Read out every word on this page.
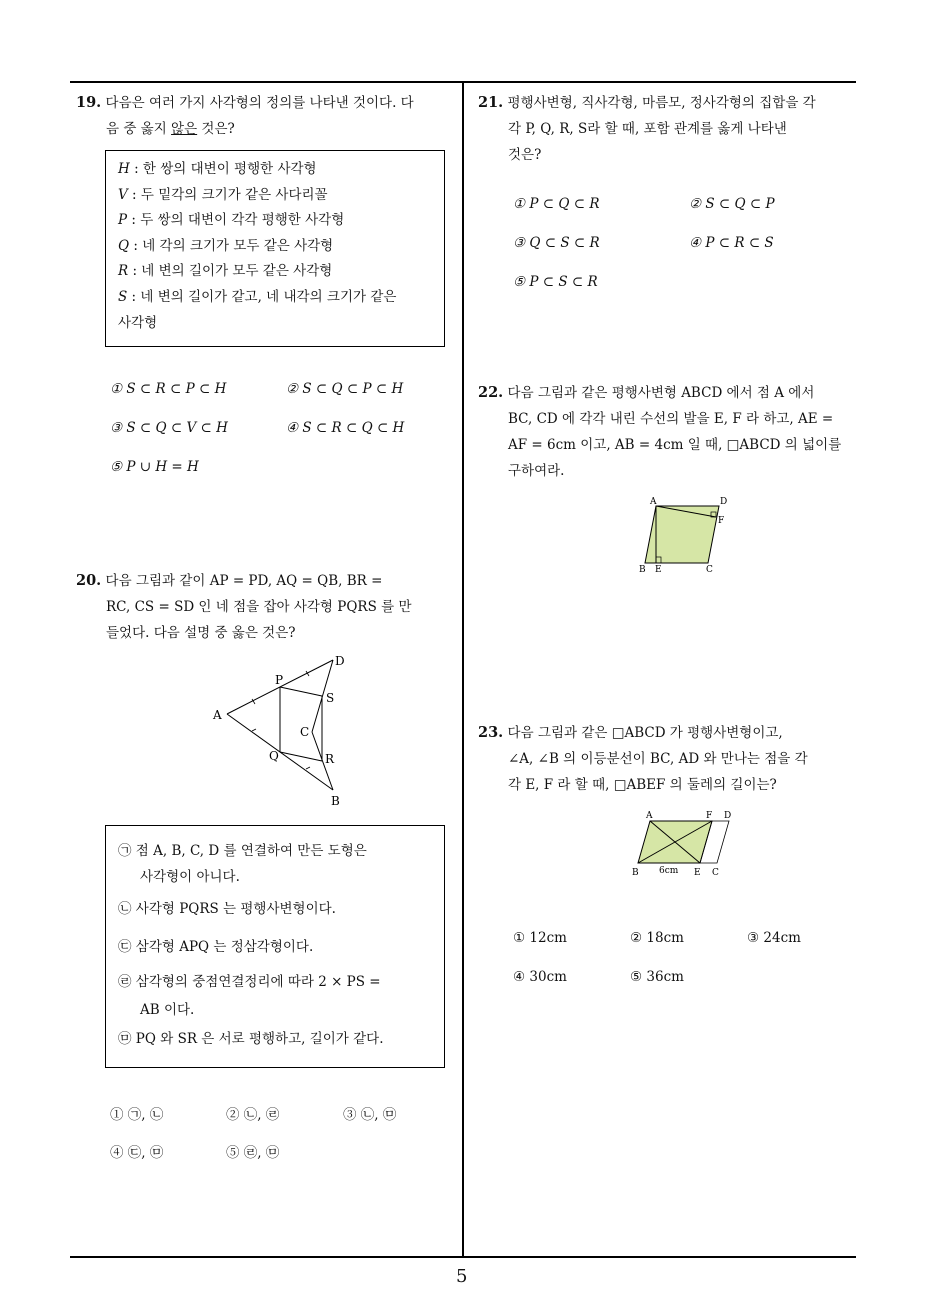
5
19. 다음은 여러 가지 사각형의 정의를 나타낸 것이다. 다
음 중 옳지 않은 것은?

H : 한 쌍의 대변이 평행한 사각형

V : 두 밑각의 크기가 같은 사다리꼴

P : 두 쌍의 대변이 각각 평행한 사각형

Q : 네 각의 크기가 모두 같은 사각형

R : 네 변의 길이가 모두 같은 사각형

S : 네 변의 길이가 같고, 네 내각의 크기가 같은

사각형

① S ⊂ R ⊂ P ⊂ H	② S ⊂ Q ⊂ P ⊂ H
③ S ⊂ Q ⊂ V ⊂ H	④ S ⊂ R ⊂ Q ⊂ H
⑤ P ∪ H = H
20. 다음 그림과 같이 AP = PD, AQ = QB, BR =
RC, CS = SD 인 네 점을 잡아 사각형 PQRS 를 만
들었다. 다음 설명 중 옳은 것은?
A
B
C
D
P
Q	R
S

㉠ 점 A, B, C, D 를 연결하여 만든 도형은

사각형이 아니다.

㉡ 사각형 PQRS 는 평행사변형이다.

㉢ 삼각형 APQ 는 정삼각형이다.

㉣ 삼각형의 중점연결정리에 따라 2 × PS =

AB 이다.

㉤ PQ 와 SR 은 서로 평행하고, 길이가 같다.

① ㉠, ㉡	② ㉡, ㉣	③ ㉡, ㉤
④ ㉢, ㉤	⑤ ㉣, ㉤
21. 평행사변형, 직사각형, 마름모, 정사각형의 집합을 각
각 P, Q, R, S라 할 때, 포함 관계를 옳게 나타낸
것은?
① P ⊂ Q ⊂ R	② S ⊂ Q ⊂ P
③ Q ⊂ S ⊂ R	④ P ⊂ R ⊂ S
⑤ P ⊂ S ⊂ R
22. 다음 그림과 같은 평행사변형 ABCD 에서 점 A 에서
BC, CD 에 각각 내린 수선의 발을 E, F 라 하고, AE =
AF = 6cm 이고, AB = 4cm 일 때, □ABCD 의 넓이를
구하여라.
A	D
F
B E	C
23. 다음 그림과 같은 □ABCD 가 평행사변형이고,
∠A, ∠B 의 이등분선이 BC, AD 와 만나는 점을 각
각 E, F 라 할 때, □ABEF 의 둘레의 길이는?
A	F D
B	E C
6cm
① 12cm	② 18cm	③ 24cm
④ 30cm	⑤ 36cm
